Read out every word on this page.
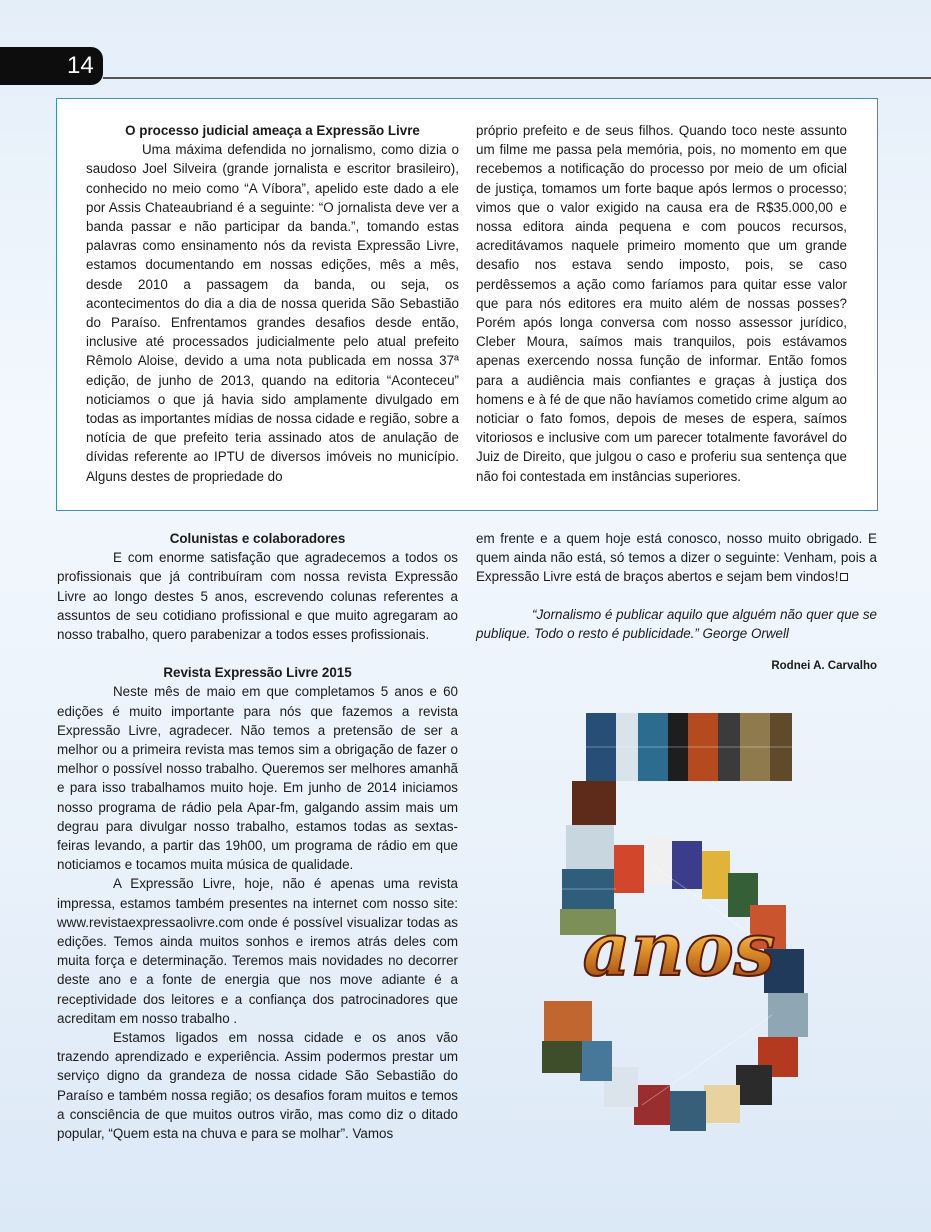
14

O processo judicial ameaça a Expressão Livre

Uma máxima defendida no jornalismo, como dizia o saudoso Joel Silveira (grande jornalista e escritor brasileiro), conhecido no meio como “A Víbora”, apelido este dado a ele por Assis Chateaubriand é a seguinte: “O jornalista deve ver a banda passar e não participar da banda.”, tomando estas palavras como ensinamento nós da revista Expressão Livre, estamos documentando em nossas edições, mês a mês, desde 2010 a passagem da banda, ou seja, os acontecimentos do dia a dia de nossa querida São Sebastião do Paraíso. Enfrentamos grandes desafios desde então, inclusive até processados judicialmente pelo atual prefeito Rêmolo Aloise, devido a uma nota publicada em nossa 37ª edição, de junho de 2013, quando na editoria “Aconteceu” noticiamos o que já havia sido amplamente divulgado em todas as importantes mídias de nossa cidade e região, sobre a notícia de que prefeito teria assinado atos de anulação de dívidas referente ao IPTU de diversos imóveis no município. Alguns destes de propriedade do

próprio prefeito e de seus filhos. Quando toco neste assunto um filme me passa pela memória, pois, no momento em que recebemos a notificação do processo por meio de um oficial de justiça, tomamos um forte baque após lermos o processo; vimos que o valor exigido na causa era de R$35.000,00 e nossa editora ainda pequena e com poucos recursos, acreditávamos naquele primeiro momento que um grande desafio nos estava sendo imposto, pois, se caso perdêssemos a ação como faríamos para quitar esse valor que para nós editores era muito além de nossas posses? Porém após longa conversa com nosso assessor jurídico, Cleber Moura, saímos mais tranquilos, pois estávamos apenas exercendo nossa função de informar. Então fomos para a audiência mais confiantes e graças à justiça dos homens e à fé de que não havíamos cometido crime algum ao noticiar o fato fomos, depois de meses de espera, saímos vitoriosos e inclusive com um parecer totalmente favorável do Juiz de Direito, que julgou o caso e proferiu sua sentença que não foi contestada em instâncias superiores.

Colunistas e colaboradores

E com enorme satisfação que agradecemos a todos os profissionais que já contribuíram com nossa revista Expressão Livre ao longo destes 5 anos, escrevendo colunas referentes a assuntos de seu cotidiano profissional e que muito agregaram ao nosso trabalho, quero parabenizar a todos esses profissionais.

Revista Expressão Livre 2015

Neste mês de maio em que completamos 5 anos e 60 edições é muito importante para nós que fazemos a revista Expressão Livre, agradecer. Não temos a pretensão de ser a melhor ou a primeira revista mas temos sim a obrigação de fazer o melhor o possível nosso trabalho. Queremos ser melhores amanhã e para isso trabalhamos muito hoje. Em junho de 2014 iniciamos nosso programa de rádio pela Apar-fm, galgando assim mais um degrau para divulgar nosso trabalho, estamos todas as sextas-feiras levando, a partir das 19h00, um programa de rádio em que noticiamos e tocamos muita música de qualidade.

A Expressão Livre, hoje, não é apenas uma revista impressa, estamos também presentes na internet com nosso site: www.revistaexpressaolivre.com onde é possível visualizar todas as edições. Temos ainda muitos sonhos e iremos atrás deles com muita força e determinação. Teremos mais novidades no decorrer deste ano e a fonte de energia que nos move adiante é a receptividade dos leitores e a confiança dos patrocinadores que acreditam em nosso trabalho .

Estamos ligados em nossa cidade e os anos vão trazendo aprendizado e experiência. Assim podermos prestar um serviço digno da grandeza de nossa cidade São Sebastião do Paraíso e também nossa região; os desafios foram muitos e temos a consciência de que muitos outros virão, mas como diz o ditado popular, “Quem esta na chuva e para se molhar”. Vamos

em frente e a quem hoje está conosco, nosso muito obrigado. E quem ainda não está, só temos a dizer o seguinte: Venham, pois a Expressão Livre está de braços abertos e sejam bem vindos!

“Jornalismo é publicar aquilo que alguém não quer que se publique. Todo o resto é publicidade.” George Orwell

Rodnei A. Carvalho

anos
